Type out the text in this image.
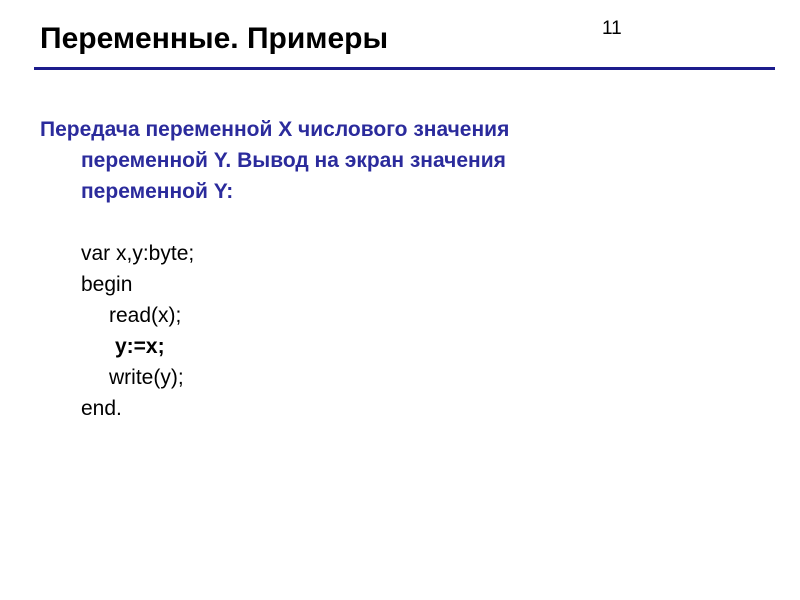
Переменные. Примеры	11
Передача переменной X числового значения
переменной Y. Вывод на экран значения
переменной Y:
var x,y:byte;
begin
read(x);
y:=x;
write(y);
end.
